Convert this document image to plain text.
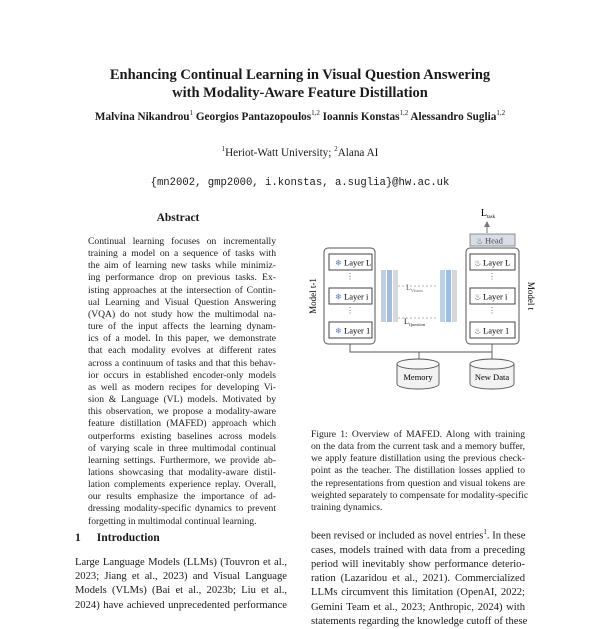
Enhancing Continual Learning in Visual Question Answering
with Modality-Aware Feature Distillation
Malvina Nikandrou$^1$ Georgios Pantazopoulos$^{1,2}$ Ioannis Konstas$^{1,2}$ Alessandro Suglia$^{1,2}$
$^1$Heriot-Watt University; $^2$Alana AI
{mn2002, gmp2000, i.konstas, a.suglia}@hw.ac.uk
Abstract
Continual learning focuses on incrementally
training a model on a sequence of tasks with
the aim of learning new tasks while minimiz-
ing performance drop on previous tasks. Ex-
isting approaches at the intersection of Contin-
ual Learning and Visual Question Answering
(VQA) do not study how the multimodal na-
ture of the input affects the learning dynam-
ics of a model. In this paper, we demonstrate
that each modality evolves at different rates
across a continuum of tasks and that this behav-
ior occurs in established encoder-only models
as well as modern recipes for developing Vi-
sion & Language (VL) models. Motivated by
this observation, we propose a modality-aware
feature distillation (MAFED) approach which
outperforms existing baselines across models
of varying scale in three multimodal continual
learning settings. Furthermore, we provide ab-
lations showcasing that modality-aware distil-
lation complements experience replay. Overall,
our results emphasize the importance of ad-
dressing modality-specific dynamics to prevent
forgetting in multimodal continual learning.
1 Introduction
Large Language Models (LLMs) (Touvron et al.,
2023; Jiang et al., 2023) and Visual Language
Models (VLMs) (Bai et al., 2023b; Liu et al.,
2024) have achieved unprecedented performance
$L_{task}$
Model t-1
❄ Layer L
⋮
❄ Layer i
⋮
❄ Layer 1
$L_{Vision}$
$L_{Question}$
Model t
♨ Head
♨ Layer L
⋮
♨ Layer i
⋮
♨ Layer 1
Memory	New Data
Figure 1: Overview of MAFED. Along with training
on the data from the current task and a memory buffer,
we apply feature distillation using the previous check-
point as the teacher. The distillation losses applied to
the representations from question and visual tokens are
weighted separately to compensate for modality-specific
training dynamics.
been revised or included as novel entries$^1$. In these
cases, models trained with data from a preceding
period will inevitably show performance deterio-
ration (Lazaridou et al., 2021). Commercialized
LLMs circumvent this limitation (OpenAI, 2022;
Gemini Team et al., 2023; Anthropic, 2024) with
statements regarding the knowledge cutoff of these
